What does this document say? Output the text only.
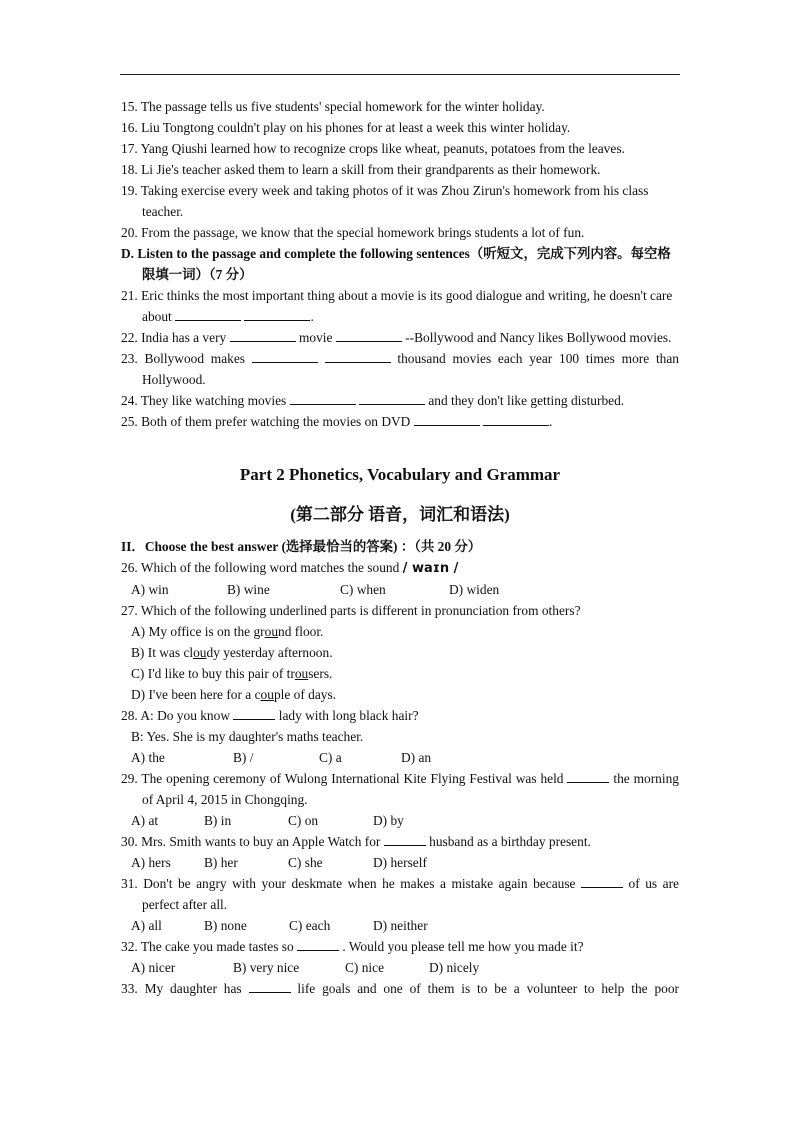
15. The passage tells us five students' special homework for the winter holiday.

16. Liu Tongtong couldn't play on his phones for at least a week this winter holiday.

17. Yang Qiushi learned how to recognize crops like wheat, peanuts, potatoes from the leaves.

18. Li Jie's teacher asked them to learn a skill from their grandparents as their homework.

19. Taking exercise every week and taking photos of it was Zhou Zirun's homework from his class teacher.

20. From the passage, we know that the special homework brings students a lot of fun.

D. Listen to the passage and complete the following sentences（听短文，完成下列内容。每空格限填一词）（7 分）

21. Eric thinks the most important thing about a movie is its good dialogue and writing, he doesn't care about	.

22. India has a very	movie	--Bollywood and Nancy likes Bollywood movies.

23. Bollywood makes	thousand movies each year 100 times more than Hollywood.

24. They like watching movies	and they don't like getting disturbed.

25. Both of them prefer watching the movies on DVD	.

Part 2 Phonetics, Vocabulary and Grammar
(第二部分 语音，词汇和语法)

II．Choose the best answer (选择最恰当的答案) ：（共 20 分）

26. Which of the following word matches the sound / waɪn /

A) win	B) wine	C) when	D) widen

27. Which of the following underlined parts is different in pronunciation from others?

A) My office is on the ground floor.

B) It was cloudy yesterday afternoon.

C) I'd like to buy this pair of trousers.

D) I've been here for a couple of days.

28. A: Do you know	lady with long black hair?

B: Yes. She is my daughter's maths teacher.

A) the	B) /	C) a	D) an

29. The opening ceremony of Wulong International Kite Flying Festival was held	the morning of April 4, 2015 in Chongqing.

A) at	B) in	C) on	D) by

30. Mrs. Smith wants to buy an Apple Watch for	husband as a birthday present.

A) hers B) her	C) she	D) herself

31. Don't be angry with your deskmate when he makes a mistake again because	of us are perfect after all.

A) all	B) none	C) each	D) neither

32. The cake you made tastes so	. Would you please tell me how you made it?

A) nicer	B) very nice	C) nice	D) nicely

33. My daughter has	life goals and one of them is to be a volunteer to help the poor
